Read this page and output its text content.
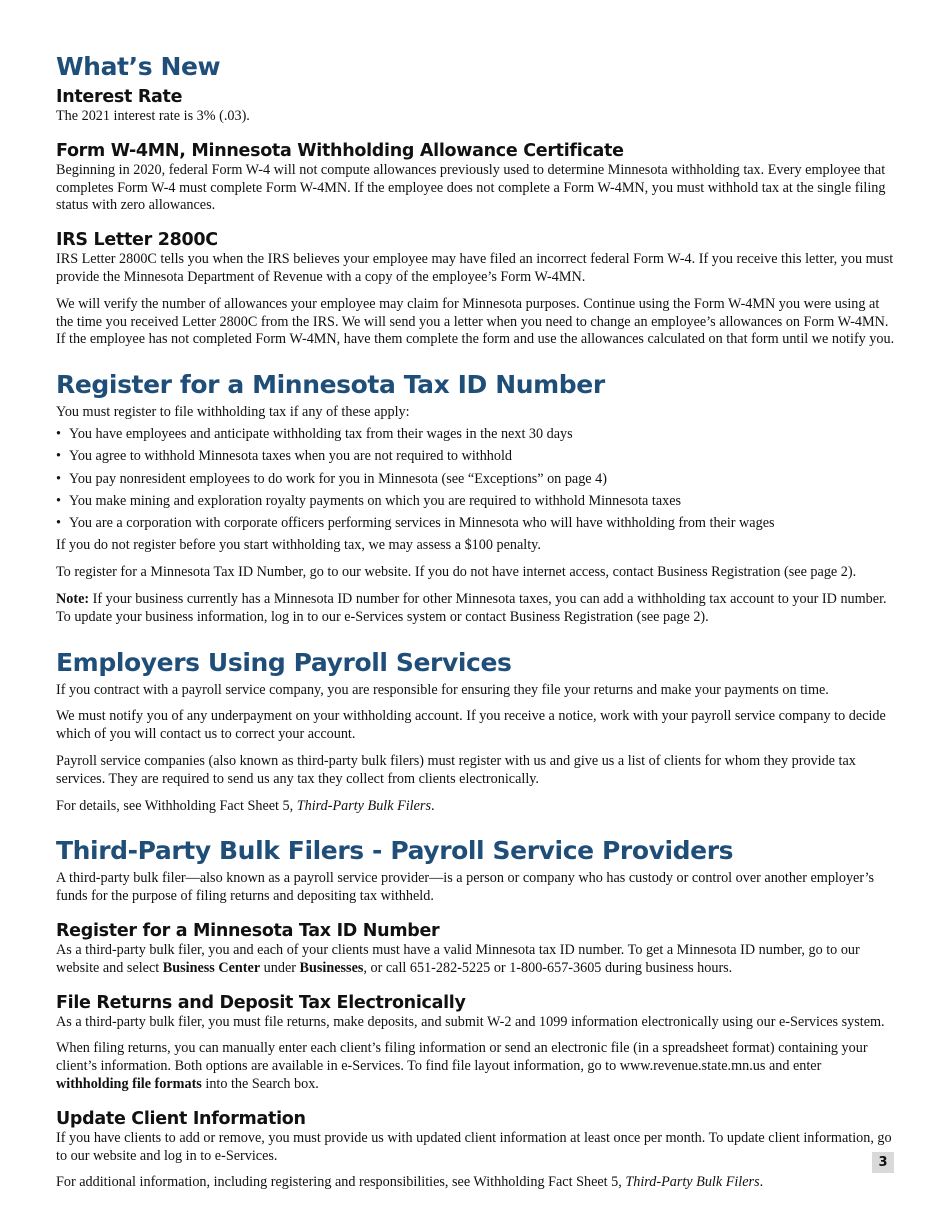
What’s New
Interest Rate

The 2021 interest rate is 3% (.03).

Form W-4MN, Minnesota Withholding Allowance Certificate

Beginning in 2020, federal Form W-4 will not compute allowances previously used to determine Minnesota withholding tax. Every employee that completes Form W-4 must complete Form W-4MN. If the employee does not complete a Form W-4MN, you must withhold tax at the single filing status with zero allowances.

IRS Letter 2800C

IRS Letter 2800C tells you when the IRS believes your employee may have filed an incorrect federal Form W-4. If you receive this letter, you must provide the Minnesota Department of Revenue with a copy of the employee’s Form W-4MN.

We will verify the number of allowances your employee may claim for Minnesota purposes. Continue using the Form W-4MN you were using at the time you received Letter 2800C from the IRS. We will send you a letter when you need to change an employee’s allowances on Form W-4MN. If the employee has not completed Form W-4MN, have them complete the form and use the allowances calculated on that form until we notify you.

Register for a Minnesota Tax ID Number

You must register to file withholding tax if any of these apply:

• You have employees and anticipate withholding tax from their wages in the next 30 days
• You agree to withhold Minnesota taxes when you are not required to withhold
• You pay nonresident employees to do work for you in Minnesota (see “Exceptions” on page 4)
• You make mining and exploration royalty payments on which you are required to withhold Minnesota taxes
• You are a corporation with corporate officers performing services in Minnesota who will have withholding from their wages

If you do not register before you start withholding tax, we may assess a $100 penalty.

To register for a Minnesota Tax ID Number, go to our website. If you do not have internet access, contact Business Registration (see page 2).

Note: If your business currently has a Minnesota ID number for other Minnesota taxes, you can add a withholding tax account to your ID number. To update your business information, log in to our e-Services system or contact Business Registration (see page 2).

Employers Using Payroll Services

If you contract with a payroll service company, you are responsible for ensuring they file your returns and make your payments on time.

We must notify you of any underpayment on your withholding account. If you receive a notice, work with your payroll service company to decide which of you will contact us to correct your account.

Payroll service companies (also known as third-party bulk filers) must register with us and give us a list of clients for whom they provide tax services. They are required to send us any tax they collect from clients electronically.

For details, see Withholding Fact Sheet 5, Third-Party Bulk Filers.

Third-Party Bulk Filers - Payroll Service Providers

A third-party bulk filer—also known as a payroll service provider—is a person or company who has custody or control over another employer’s funds for the purpose of filing returns and depositing tax withheld.

Register for a Minnesota Tax ID Number

As a third-party bulk filer, you and each of your clients must have a valid Minnesota tax ID number. To get a Minnesota ID number, go to our website and select Business Center under Businesses, or call 651-282-5225 or 1-800-657-3605 during business hours.

File Returns and Deposit Tax Electronically

As a third-party bulk filer, you must file returns, make deposits, and submit W-2 and 1099 information electronically using our e-Services system.

When filing returns, you can manually enter each client’s filing information or send an electronic file (in a spreadsheet format) containing your client’s information. Both options are available in e-Services. To find file layout information, go to www.revenue.state.mn.us and enter withholding file formats into the Search box.

Update Client Information

If you have clients to add or remove, you must provide us with updated client information at least once per month. To update client information, go to our website and log in to e-Services.

For additional information, including registering and responsibilities, see Withholding Fact Sheet 5, Third-Party Bulk Filers.

3
